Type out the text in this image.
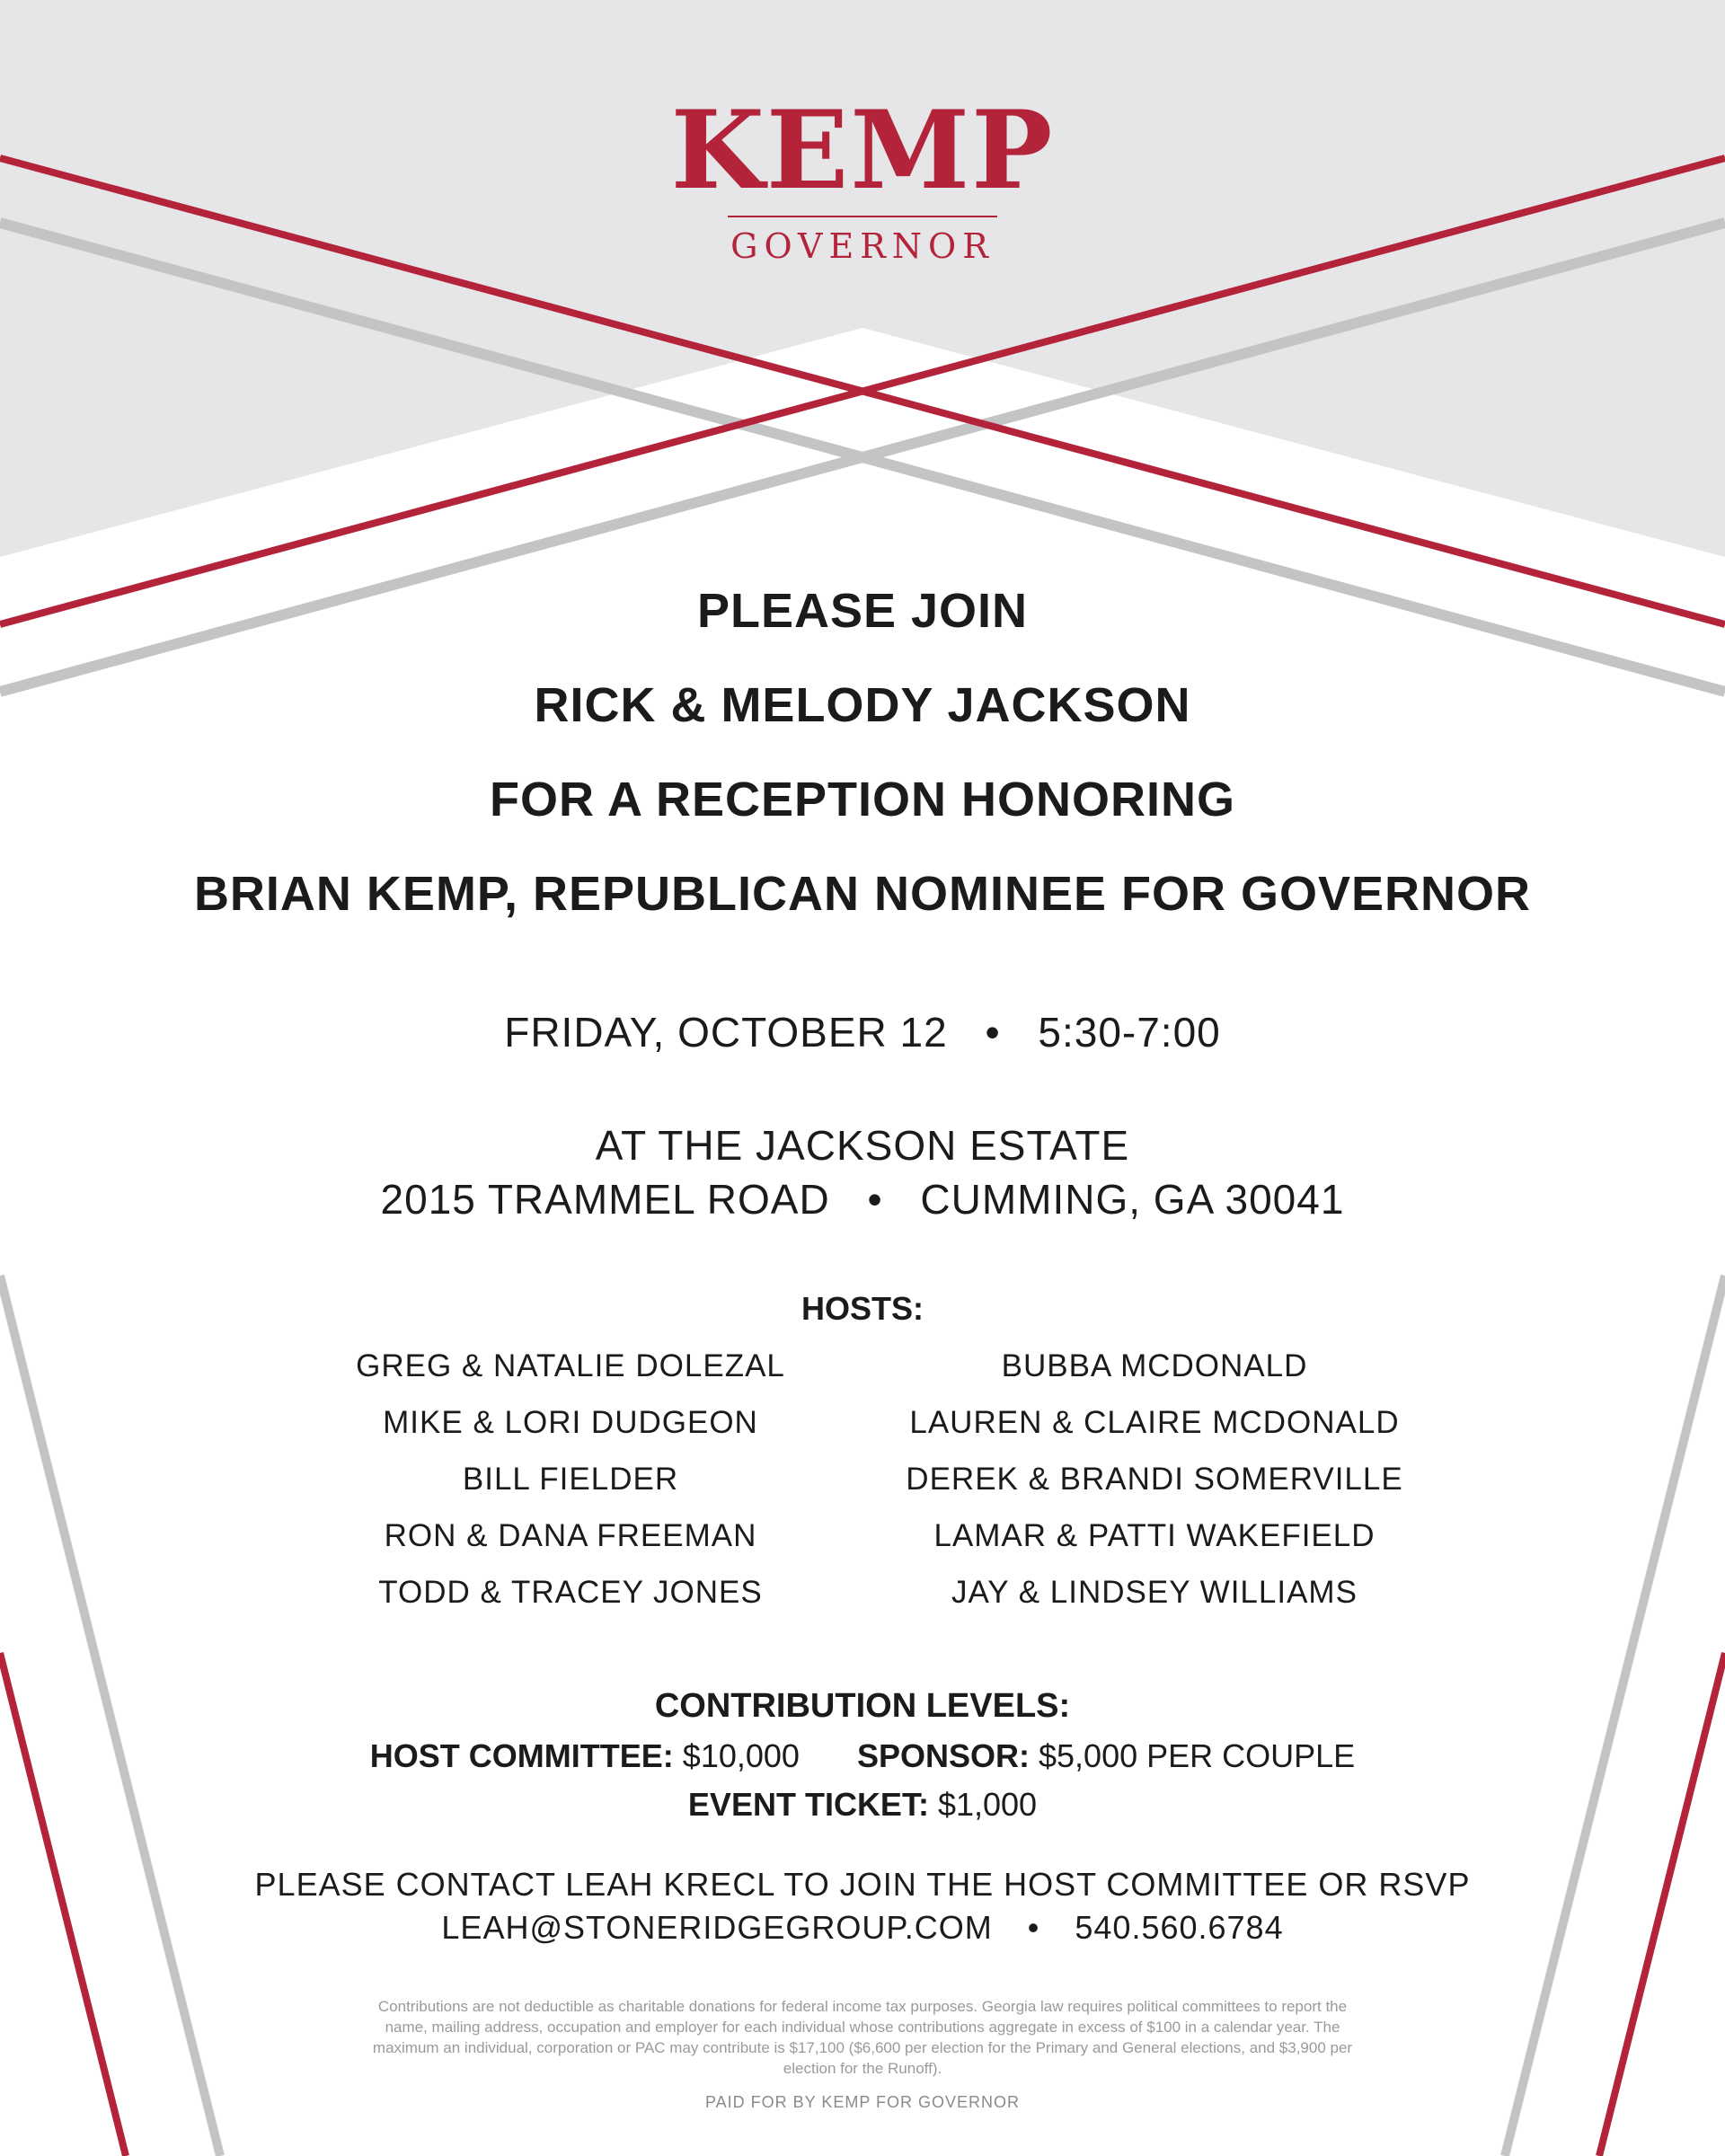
KEMP
GOVERNOR
PLEASE JOIN
RICK & MELODY JACKSON
FOR A RECEPTION HONORING
BRIAN KEMP, REPUBLICAN NOMINEE FOR GOVERNOR
FRIDAY, OCTOBER 12 • 5:30-7:00
AT THE JACKSON ESTATE
2015 TRAMMEL ROAD • CUMMING, GA 30041
HOSTS:
GREG & NATALIE DOLEZAL
MIKE & LORI DUDGEON
BILL FIELDER
RON & DANA FREEMAN
TODD & TRACEY JONES
BUBBA MCDONALD
LAUREN & CLAIRE MCDONALD
DEREK & BRANDI SOMERVILLE
LAMAR & PATTI WAKEFIELD
JAY & LINDSEY WILLIAMS
CONTRIBUTION LEVELS:
HOST COMMITTEE: $10,000 SPONSOR: $5,000 PER COUPLE
EVENT TICKET: $1,000
PLEASE CONTACT LEAH KRECL TO JOIN THE HOST COMMITTEE OR RSVP
LEAH@STONERIDGEGROUP.COM • 540.560.6784
Contributions are not deductible as charitable donations for federal income tax purposes. Georgia law requires political committees to report the name, mailing address, occupation and employer for each individual whose contributions aggregate in excess of $100 in a calendar year. The maximum an individual, corporation or PAC may contribute is $17,100 ($6,600 per election for the Primary and General elections, and $3,900 per election for the Runoff).
PAID FOR BY KEMP FOR GOVERNOR
